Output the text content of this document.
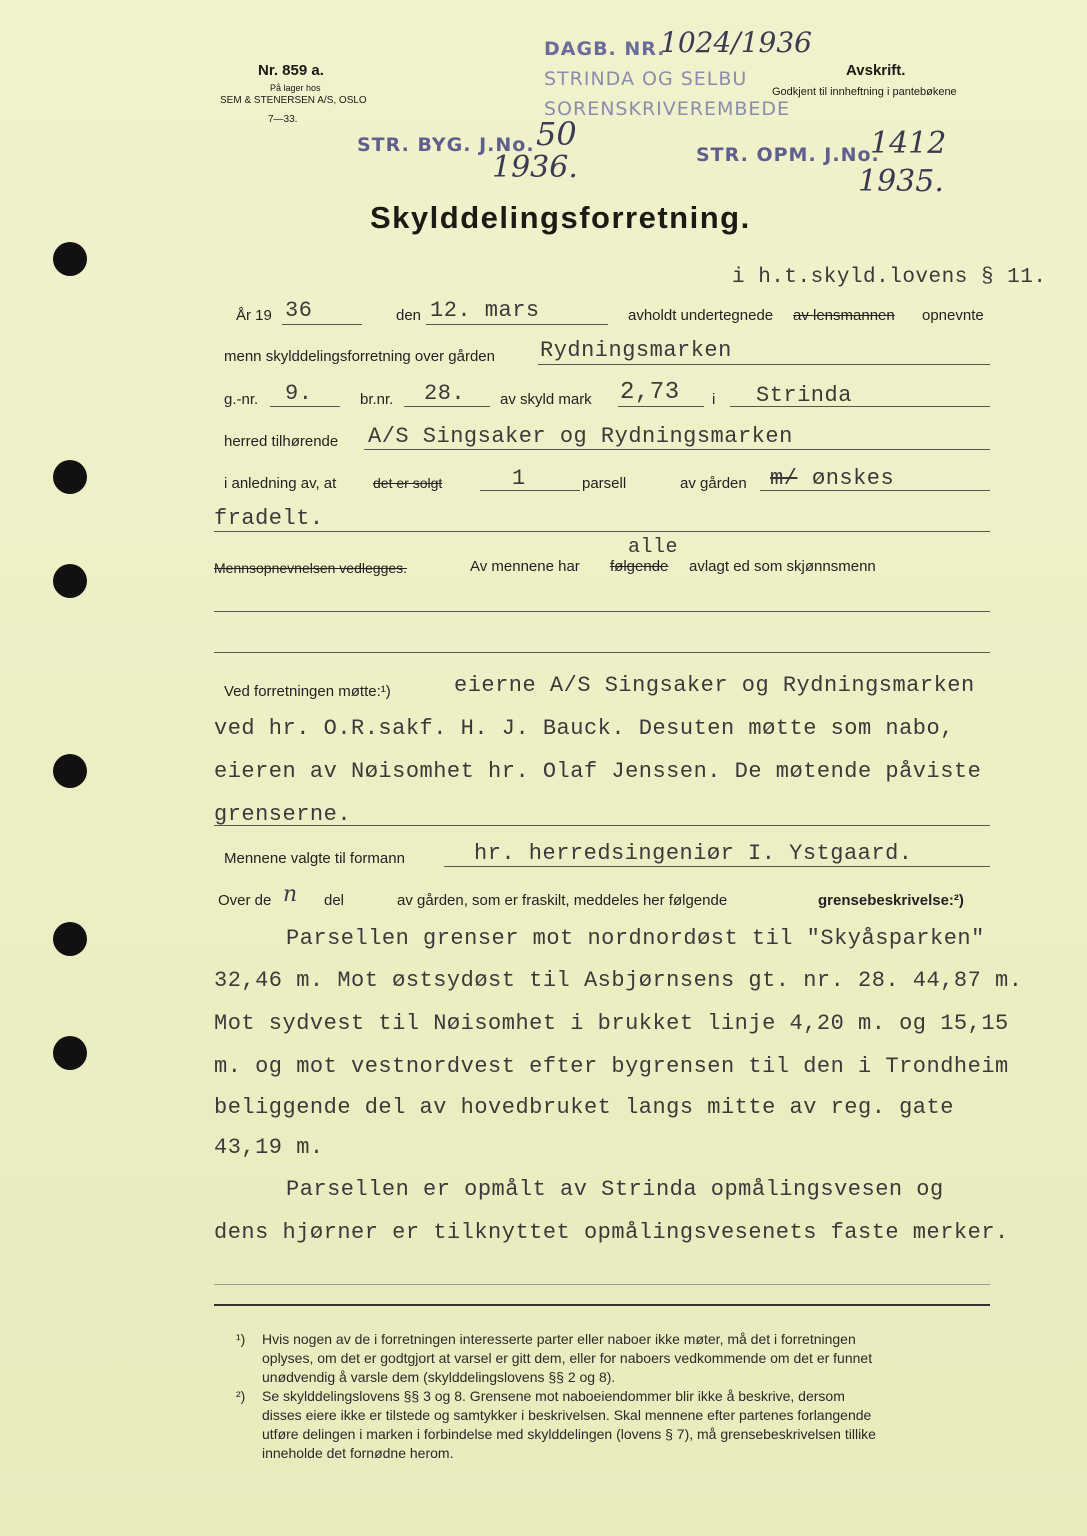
Nr. 859 a.
På lager hos
SEM & STENERSEN A/S, OSLO
7—33.
DAGB. NR.
1024/1936
STRINDA OG SELBU
SORENSKRIVEREMBEDE
Avskrift.
Godkjent til innheftning i pantebøkene
STR. BYG. J.No. 50
1936.	STR. OPM. J.No.
1412
1935.
Skylddelingsforretning.
i h.t.skyld.lovens § 11.
År 19 36	den 12. mars	avholdt undertegnede av lensmannen opnevnte
menn skylddelingsforretning over gården Rydningsmarken
g.-nr. 9.	br.nr. 28. av skyld mark 2,73 i Strinda
herred tilhørende A/S Singsaker og Rydningsmarken
i anledning av, at	det er solgt	1	parsell	av gården m/ ønskes
fradelt.
alle
Mennsopnevnelsen vedlegges.	Av mennene har følgende avlagt ed som skjønnsmenn
Ved forretningen møtte:¹)	eierne A/S Singsaker og Rydningsmarken
ved hr. O.R.sakf. H. J. Bauck. Desuten møtte som nabo,
eieren av Nøisomhet hr. Olaf Jenssen. De møtende påviste
grenserne.
Mennene valgte til formann	hr. herredsingeniør I. Ystgaard.
Over de n del	av gården, som er fraskilt, meddeles her følgende	grensebeskrivelse:²)
Parsellen grenser mot nordnordøst til "Skyåsparken"
32,46 m. Mot østsydøst til Asbjørnsens gt. nr. 28. 44,87 m.
Mot sydvest til Nøisomhet i brukket linje 4,20 m. og 15,15
m. og mot vestnordvest efter bygrensen til den i Trondheim
beliggende del av hovedbruket langs mitte av reg. gate
43,19 m.
Parsellen er opmålt av Strinda opmålingsvesen og
dens hjørner er tilknyttet opmålingsvesenets faste merker.
¹) Hvis nogen av de i forretningen interesserte parter eller naboer ikke møter, må det i forretningen
oplyses, om det er godtgjort at varsel er gitt dem, eller for naboers vedkommende om det er funnet
unødvendig å varsle dem (skylddelingslovens §§ 2 og 8).
²) Se skylddelingslovens §§ 3 og 8. Grensene mot naboeiendommer blir ikke å beskrive, dersom
disses eiere ikke er tilstede og samtykker i beskrivelsen. Skal mennene efter partenes forlangende
utføre delingen i marken i forbindelse med skylddelingen (lovens § 7), må grensebeskrivelsen tillike
inneholde det fornødne herom.
